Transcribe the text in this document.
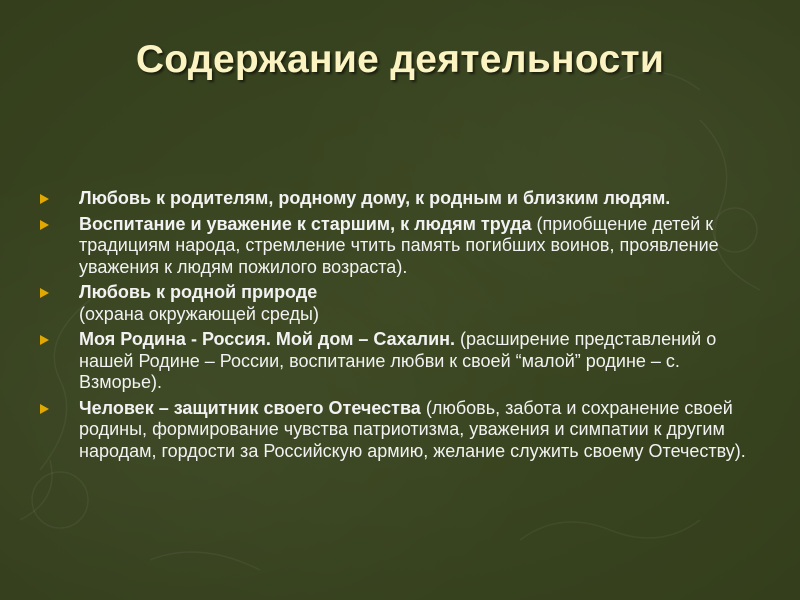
Содержание деятельности
Любовь к родителям, родному дому, к родным и близким людям.
Воспитание и уважение к старшим, к людям труда (приобщение детей к традициям народа, стремление чтить память погибших воинов, проявление уважения к людям пожилого возраста).
Любовь к родной природе
(охрана окружающей среды)
Моя Родина - Россия. Мой дом – Сахалин. (расширение представлений о нашей Родине – России, воспитание любви к своей “малой” родине – с. Взморье).
Человек – защитник своего Отечества (любовь, забота и сохранение своей родины, формирование чувства патриотизма, уважения и симпатии к другим народам, гордости за Российскую армию, желание служить своему Отечеству).
